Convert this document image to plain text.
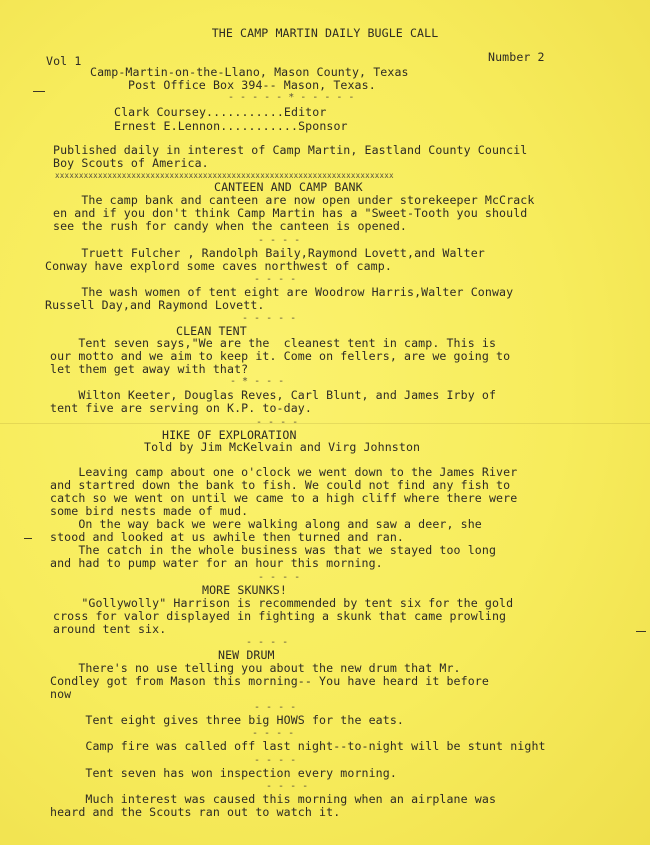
THE CAMP MARTIN DAILY BUGLE CALL
Vol 1	Number 2
Camp-Martin-on-the-Llano, Mason County, Texas
Post Office Box 394-- Mason, Texas.
- - - - - * - - - - -
Clark Coursey...........Editor
Ernest E.Lennon...........Sponsor
Published daily in interest of Camp Martin, Eastland County Council
Boy Scouts of America.
xxxxxxxxxxxxxxxxxxxxxxxxxxxxxxxxxxxxxxxxxxxxxxxxxxxxxxxxxxxxxxxxxxxxxxx
CANTEEN AND CAMP BANK
The camp bank and canteen are now open under storekeeper McCrack
en and if you don't think Camp Martin has a "Sweet-Tooth you should
see the rush for candy when the canteen is opened.
- - - -
Truett Fulcher , Randolph Baily,Raymond Lovett,and Walter
Conway have explord some caves northwest of camp.
- - - -
The wash women of tent eight are Woodrow Harris,Walter Conway
Russell Day,and Raymond Lovett.
- - - - -
CLEAN TENT
Tent seven says,"We are the  cleanest tent in camp. This is
our motto and we aim to keep it. Come on fellers, are we going to
let them get away with that?
- * - - -
Wilton Keeter, Douglas Reves, Carl Blunt, and James Irby of
tent five are serving on K.P. to-day.
- - - -
HIKE OF EXPLORATION
Told by Jim McKelvain and Virg Johnston
Leaving camp about one o'clock we went down to the James River
and startred down the bank to fish. We could not find any fish to
catch so we went on until we came to a high cliff where there were
some bird nests made of mud.
On the way back we were walking along and saw a deer, she
stood and looked at us awhile then turned and ran.
The catch in the whole business was that we stayed too long
and had to pump water for an hour this morning.
- - - -
MORE SKUNKS!
"Gollywolly" Harrison is recommended by tent six for the gold
cross for valor displayed in fighting a skunk that came prowling
around tent six.
- - - -
NEW DRUM
There's no use telling you about the new drum that Mr.
Condley got from Mason this morning-- You have heard it before
now
- - - -
Tent eight gives three big HOWS for the eats.
- - - -
Camp fire was called off last night--to-night will be stunt night
- - - -
Tent seven has won inspection every morning.
- - - -
Much interest was caused this morning when an airplane was
heard and the Scouts ran out to watch it.
